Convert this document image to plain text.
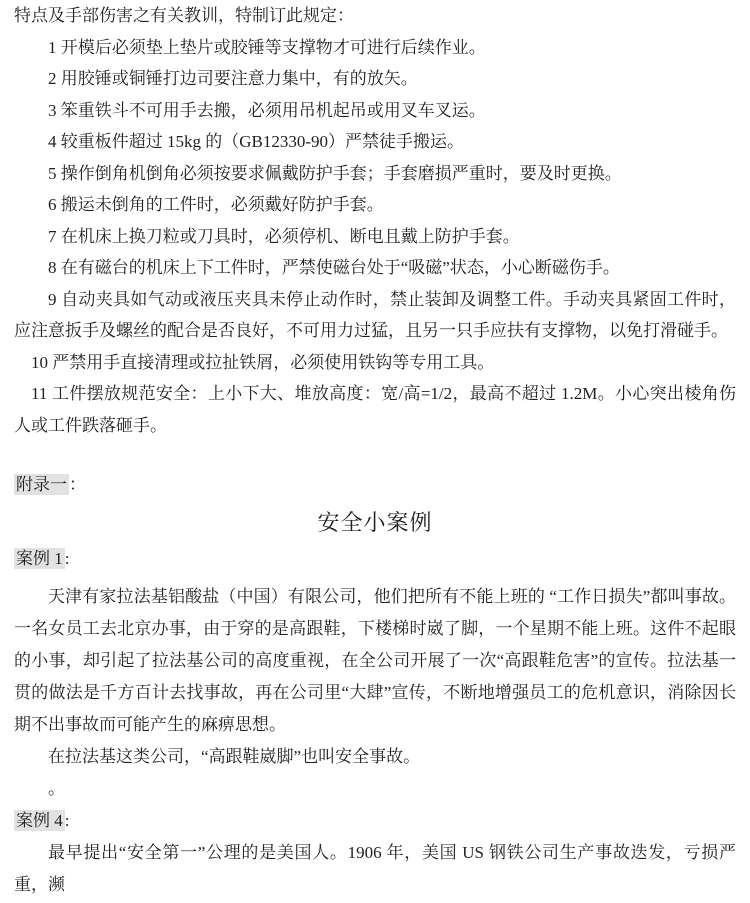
特点及手部伤害之有关教训，特制订此规定：

1 开模后必须垫上垫片或胶锤等支撑物才可进行后续作业。

2 用胶锤或铜锤打边司要注意力集中，有的放矢。

3 笨重铁斗不可用手去搬，必须用吊机起吊或用叉车叉运。

4 较重板件超过 15kg 的（GB12330-90）严禁徒手搬运。

5 操作倒角机倒角必须按要求佩戴防护手套；手套磨损严重时，要及时更换。

6 搬运未倒角的工件时，必须戴好防护手套。

7 在机床上换刀粒或刀具时，必须停机、断电且戴上防护手套。

8 在有磁台的机床上下工件时，严禁使磁台处于“吸磁”状态，小心断磁伤手。

9 自动夹具如气动或液压夹具未停止动作时，禁止装卸及调整工件。手动夹具紧固工件时，应注意扳手及螺丝的配合是否良好，不可用力过猛，且另一只手应扶有支撑物，以免打滑碰手。

10 严禁用手直接清理或拉扯铁屑，必须使用铁钩等专用工具。

11 工件摆放规范安全：上小下大、堆放高度：宽/高=1/2，最高不超过 1.2M。小心突出棱角伤人或工件跌落砸手。

附录一 ：

安全小案例

案例 1 :

天津有家拉法基铝酸盐（中国）有限公司，他们把所有不能上班的 “工作日损失”都叫事故。一名女员工去北京办事，由于穿的是高跟鞋，下楼梯时崴了脚，一个星期不能上班。这件不起眼的小事，却引起了拉法基公司的高度重视，在全公司开展了一次“高跟鞋危害”的宣传。拉法基一贯的做法是千方百计去找事故，再在公司里“大肆”宣传，不断地增强员工的危机意识，消除因长期不出事故而可能产生的麻痹思想。

在拉法基这类公司，“高跟鞋崴脚”也叫安全事故。

。

案例 4 :

最早提出“安全第一”公理的是美国人。1906 年，美国 US 钢铁公司生产事故迭发，亏损严重，濒
